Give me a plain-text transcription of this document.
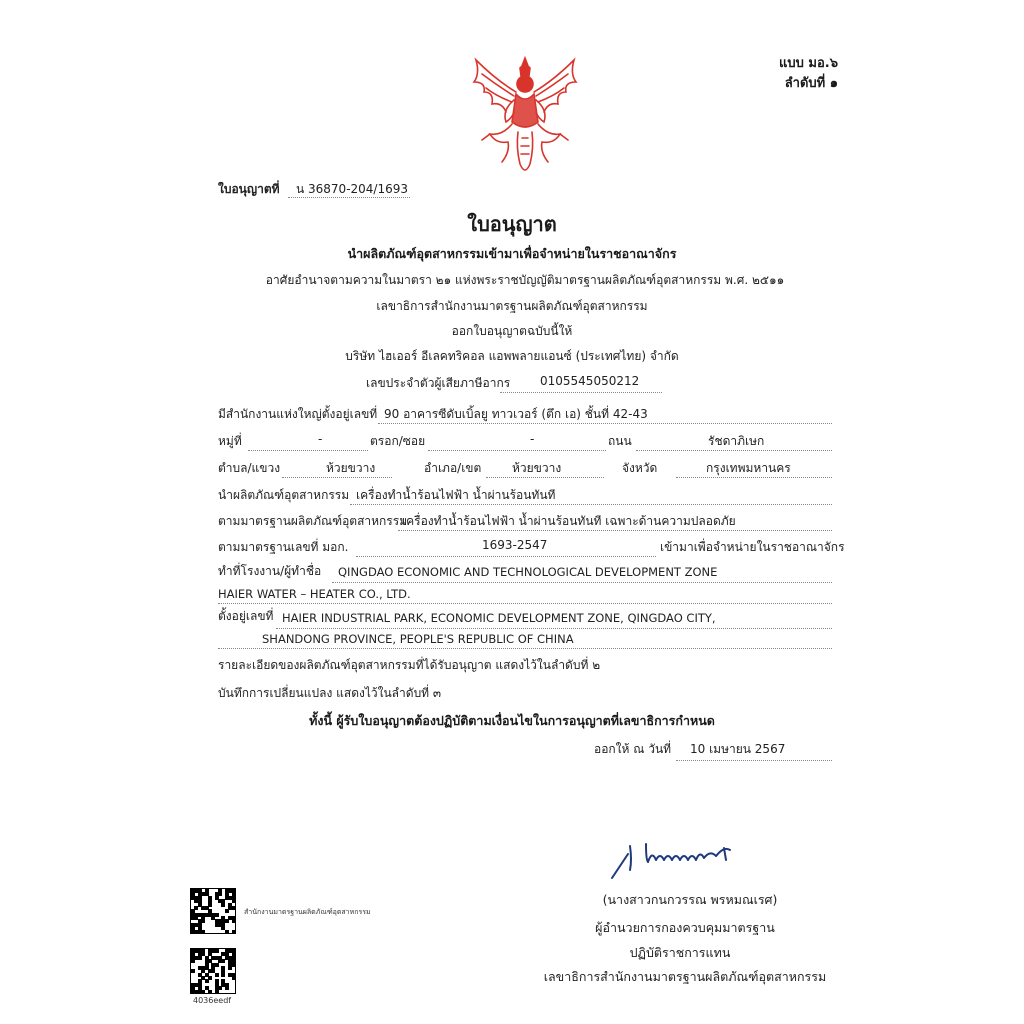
แบบ มอ.๖
ลำดับที่ ๑
ใบอนุญาตที่ น 36870-204/1693
ใบอนุญาต
นำผลิตภัณฑ์อุตสาหกรรมเข้ามาเพื่อจำหน่ายในราชอาณาจักร
อาศัยอำนาจตามความในมาตรา ๒๑ แห่งพระราชบัญญัติมาตรฐานผลิตภัณฑ์อุตสาหกรรม พ.ศ. ๒๕๑๑
เลขาธิการสำนักงานมาตรฐานผลิตภัณฑ์อุตสาหกรรม
ออกใบอนุญาตฉบับนี้ให้
บริษัท ไฮเออร์ อีเลคทริคอล แอพพลายแอนซ์ (ประเทศไทย) จำกัด
เลขประจำตัวผู้เสียภาษีอากร 0105545050212
มีสำนักงานแห่งใหญ่ตั้งอยู่เลขที่ 90 อาคารซีดับเบิ้ลยู ทาวเวอร์ (ตึก เอ) ชั้นที่ 42-43
หมู่ที่	-	ตรอก/ซอย	-	ถนน	รัชดาภิเษก
ตำบล/แขวง	ห้วยขวาง	อำเภอ/เขต	ห้วยขวาง	จังหวัด	กรุงเทพมหานคร
นำผลิตภัณฑ์อุตสาหกรรม เครื่องทำน้ำร้อนไฟฟ้า น้ำผ่านร้อนทันที
ตามมาตรฐานผลิตภัณฑ์อุตสาหกรรม
เครื่องทำน้ำร้อนไฟฟ้า น้ำผ่านร้อนทันที เฉพาะด้านความปลอดภัย
ตามมาตรฐานเลขที่ มอก.	1693-2547	เข้ามาเพื่อจำหน่ายในราชอาณาจักร
ทำที่โรงงาน/ผู้ทำชื่อ QINGDAO ECONOMIC AND TECHNOLOGICAL DEVELOPMENT ZONE
HAIER WATER – HEATER CO., LTD.
ตั้งอยู่เลขที่ HAIER INDUSTRIAL PARK, ECONOMIC DEVELOPMENT ZONE, QINGDAO CITY,
SHANDONG PROVINCE, PEOPLE'S REPUBLIC OF CHINA
รายละเอียดของผลิตภัณฑ์อุตสาหกรรมที่ได้รับอนุญาต แสดงไว้ในลำดับที่ ๒
บันทึกการเปลี่ยนแปลง แสดงไว้ในลำดับที่ ๓
ทั้งนี้ ผู้รับใบอนุญาตต้องปฏิบัติตามเงื่อนไขในการอนุญาตที่เลขาธิการกำหนด
ออกให้ ณ วันที่ 10 เมษายน 2567
(นางสาวกนกวรรณ พรหมณเรศ)
ผู้อำนวยการกองควบคุมมาตรฐาน
ปฏิบัติราชการแทน
เลขาธิการสำนักงานมาตรฐานผลิตภัณฑ์อุตสาหกรรม
สำนักงานมาตรฐานผลิตภัณฑ์อุตสาหกรรม
4036eedf
